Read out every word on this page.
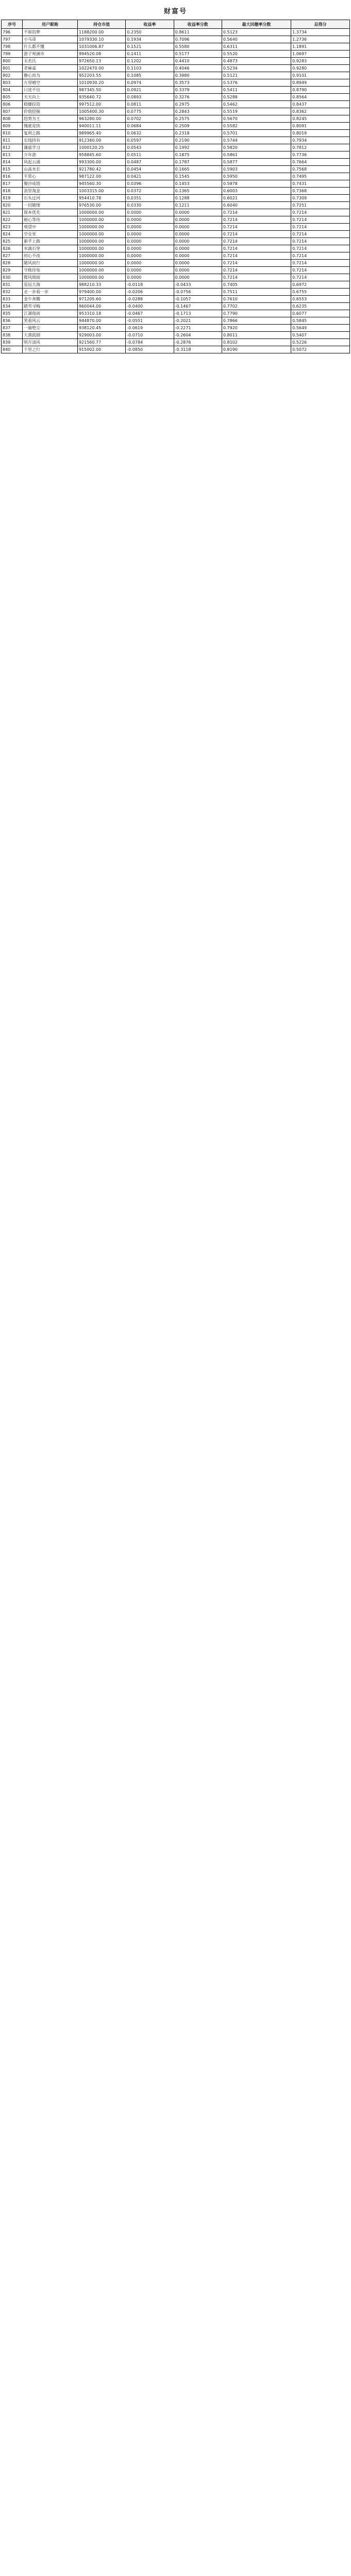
财富号
序号	用户昵称	持仓市值	收益率	收益率分数	最大回撤率分数	总得分
796	不崔的梦	1188200.00	0.2350	0.8611	0.5123	1.3734
797	小马哥	1079330.10	0.1934	0.7096	0.5640	1.2736
798	什么都不懂	1031006.87	0.1521	0.5580	0.6311	1.1891
799	游子观调市	994520.08	0.1411	0.5177	0.5520	1.0697
800	无名氏	972650.13	0.1202	0.4410	0.4873	0.9283
801	老麻雀	1022470.00	0.1103	0.4046	0.5234	0.9280
802	静心而为	952203.55	0.1085	0.3980	0.5121	0.9101
803	万里晴空	1010930.20	0.0974	0.3573	0.5376	0.8949
804	只进不出	987345.50	0.0921	0.3379	0.5411	0.8790
805	天天向上	935640.72	0.0893	0.3276	0.5288	0.8564
806	稳健投资	997512.00	0.0811	0.2975	0.5462	0.8437
807	价值挖掘	1005400.30	0.0775	0.2843	0.5519	0.8362
808	趋势为王	963280.00	0.0702	0.2575	0.5670	0.8245
809	慢就是快	940011.11	0.0684	0.2509	0.5582	0.8091
810	复利之路	989965.40	0.0632	0.2318	0.5701	0.8019
811	长线持有	912340.00	0.0597	0.2190	0.5744	0.7934
812	谦虚学习	1000120.25	0.0543	0.1992	0.5820	0.7812
813	少年游	958845.60	0.0511	0.1875	0.5861	0.7736
814	风起云涌	993300.00	0.0487	0.1787	0.5877	0.7664
815	山高水长	921780.42	0.0454	0.1665	0.5903	0.7568
816	平常心	987122.00	0.0421	0.1545	0.5950	0.7495
817	聚沙成塔	945560.30	0.0396	0.1453	0.5978	0.7431
818	浪里淘金	1003315.00	0.0372	0.1365	0.6003	0.7368
819	石头过河	954410.78	0.0351	0.1288	0.6021	0.7309
820	一切随缘	976530.00	0.0330	0.1211	0.6040	0.7251
821	保本优先	1000000.00	0.0000	0.0000	0.7214	0.7214
822	耐心等待	1000000.00	0.0000	0.0000	0.7214	0.7214
823	观望中	1000000.00	0.0000	0.0000	0.7214	0.7214
824	空仓党	1000000.00	0.0000	0.0000	0.7214	0.7214
825	新手上路	1000000.00	0.0000	0.0000	0.7214	0.7214
826	水滴石穿	1000000.00	0.0000	0.0000	0.7214	0.7214
827	初心不改	1000000.00	0.0000	0.0000	0.7214	0.7214
828	随风而行	1000000.00	0.0000	0.0000	0.7214	0.7214
829	守株待兔	1000000.00	0.0000	0.0000	0.7214	0.7214
830	微风细雨	1000000.00	0.0000	0.0000	0.7214	0.7214
831	星辰大海	988210.33	-0.0118	-0.0433	0.7405	0.6972
832	走一步看一步	979400.00	-0.0206	-0.0756	0.7511	0.6755
833	金牛奔腾	971205.60	-0.0288	-0.1057	0.7610	0.6553
834	踏雪寻梅	960044.00	-0.0400	-0.1467	0.7702	0.6235
835	江湖夜雨	953310.18	-0.0467	-0.1713	0.7790	0.6077
836	笑看风云	944870.00	-0.0551	-0.2021	0.7866	0.5845
837	一骑绝尘	938120.45	-0.0619	-0.2271	0.7920	0.5649
838	大漠孤烟	929003.00	-0.0710	-0.2604	0.8011	0.5407
839	明月清风	921560.77	-0.0784	-0.2876	0.8102	0.5226
840	千里之行	915002.00	-0.0850	-0.3118	0.8190	0.5072
